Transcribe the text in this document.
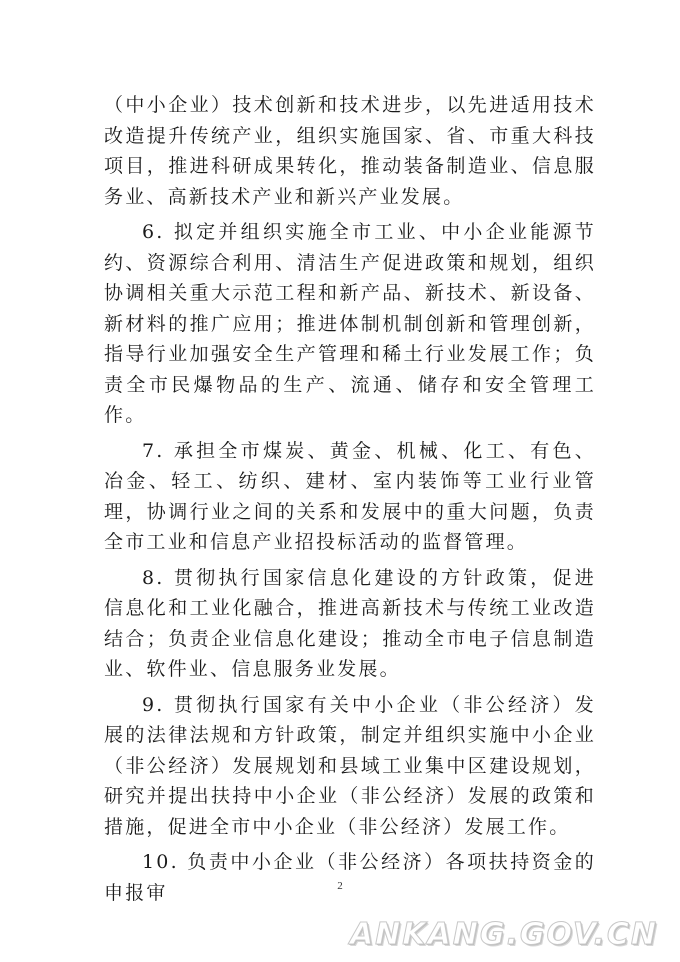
（中小企业）技术创新和技术进步，以先进适用技术改造提升传统产业，组织实施国家、省、市重大科技项目，推进科研成果转化，推动装备制造业、信息服务业、高新技术产业和新兴产业发展。

6. 拟定并组织实施全市工业、中小企业能源节约、资源综合利用、清洁生产促进政策和规划，组织协调相关重大示范工程和新产品、新技术、新设备、新材料的推广应用；推进体制机制创新和管理创新，指导行业加强安全生产管理和稀土行业发展工作；负责全市民爆物品的生产、流通、储存和安全管理工作。

7. 承担全市煤炭、黄金、机械、化工、有色、冶金、轻工、纺织、建材、室内装饰等工业行业管理，协调行业之间的关系和发展中的重大问题，负责全市工业和信息产业招投标活动的监督管理。

8. 贯彻执行国家信息化建设的方针政策，促进信息化和工业化融合，推进高新技术与传统工业改造结合；负责企业信息化建设；推动全市电子信息制造业、软件业、信息服务业发展。

9. 贯彻执行国家有关中小企业（非公经济）发展的法律法规和方针政策，制定并组织实施中小企业（非公经济）发展规划和县域工业集中区建设规划，研究并提出扶持中小企业（非公经济）发展的政策和措施，促进全市中小企业（非公经济）发展工作。

10. 负责中小企业（非公经济）各项扶持资金的申报审	2
ANKANG.GOV.CN
